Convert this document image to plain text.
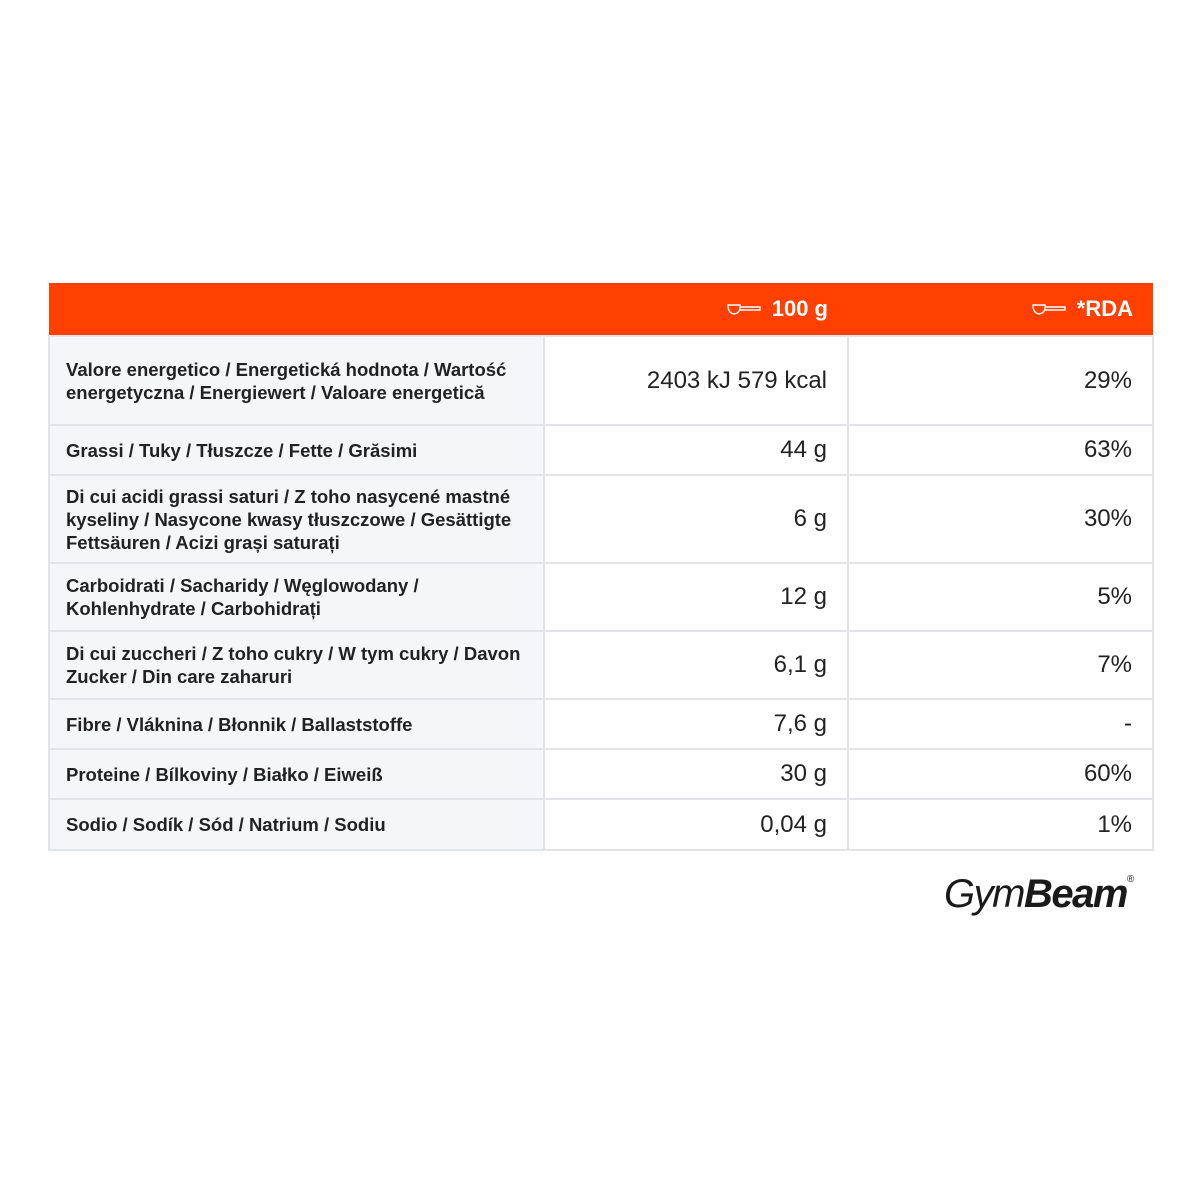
	100 g	*RDA

Valore energetico / Energetická hodnota / Wartość energetyczna / Energiewert / Valoare energetică	2403 kJ 579 kcal	29%
Grassi / Tuky / Tłuszcze / Fette / Grăsimi	44 g	63%
Di cui acidi grassi saturi / Z toho nasycené mastné kyseliny / Nasycone kwasy tłuszczowe / Gesättigte Fettsäuren / Acizi grași saturați	6 g	30%
Carboidrati / Sacharidy / Węglowodany / Kohlenhydrate / Carbohidrați	12 g	5%
Di cui zuccheri / Z toho cukry / W tym cukry / Davon Zucker / Din care zaharuri	6,1 g	7%
Fibre / Vláknina / Błonnik / Ballaststoffe	7,6 g	-
Proteine / Bílkoviny / Białko / Eiweiß	30 g	60%
Sodio / Sodík / Sód / Natrium / Sodiu	0,04 g	1%
GymBeam®
